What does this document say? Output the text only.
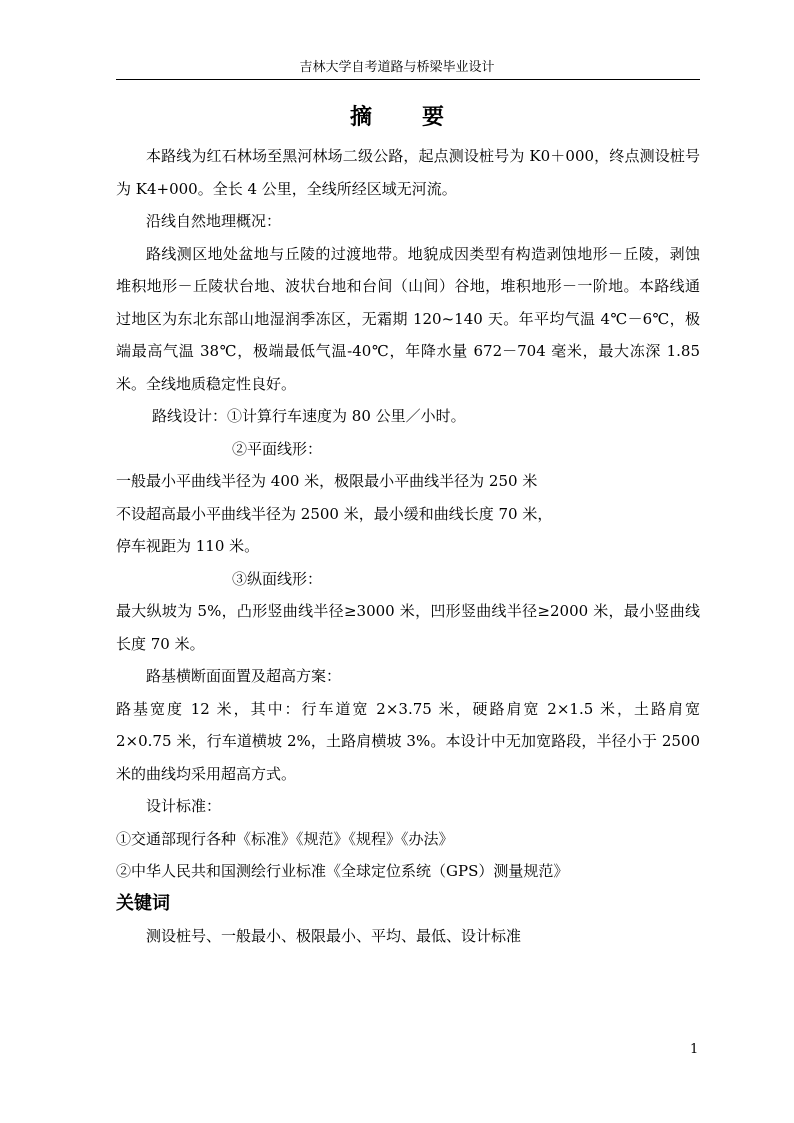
吉林大学自考道路与桥梁毕业设计
摘 要

本路线为红石林场至黑河林场二级公路，起点测设桩号为 K0＋000，终点测设桩号为 K4+000。全长 4 公里，全线所经区域无河流。

沿线自然地理概况：

路线测区地处盆地与丘陵的过渡地带。地貌成因类型有构造剥蚀地形－丘陵，剥蚀堆积地形－丘陵状台地、波状台地和台间（山间）谷地，堆积地形－一阶地。本路线通过地区为东北东部山地湿润季冻区，无霜期 120~140 天。年平均气温 4℃－6℃，极端最高气温 38℃，极端最低气温-40℃，年降水量 672－704 毫米，最大冻深 1.85 米。全线地质稳定性良好。

路线设计：①计算行车速度为 80 公里／小时。

②平面线形：

一般最小平曲线半径为 400 米，极限最小平曲线半径为 250 米

不设超高最小平曲线半径为 2500 米，最小缓和曲线长度 70 米，

停车视距为 110 米。

③纵面线形：

最大纵坡为 5%，凸形竖曲线半径≥3000 米，凹形竖曲线半径≥2000 米，最小竖曲线长度 70 米。

路基横断面面置及超高方案：

路基宽度 12 米，其中：行车道宽 2×3.75 米，硬路肩宽 2×1.5 米，土路肩宽 2×0.75 米，行车道横坡 2%，土路肩横坡 3%。本设计中无加宽路段，半径小于 2500 米的曲线均采用超高方式。

设计标准：

①交通部现行各种《标准》《规范》《规程》《办法》

②中华人民共和国测绘行业标准《全球定位系统（GPS）测量规范》

关键词

测设桩号、一般最小、极限最小、平均、最低、设计标准

1
